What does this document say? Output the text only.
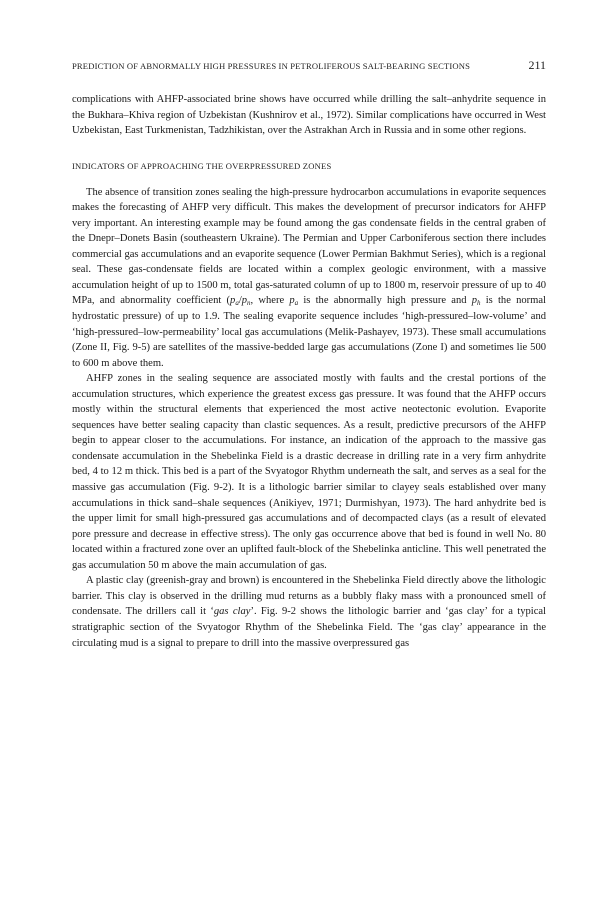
PREDICTION OF ABNORMALLY HIGH PRESSURES IN PETROLIFEROUS SALT-BEARING SECTIONS	211

complications with AHFP-associated brine shows have occurred while drilling the salt–anhydrite sequence in the Bukhara–Khiva region of Uzbekistan (Kushnirov et al., 1972). Similar complications have occurred in West Uzbekistan, East Turkmenistan, Tadzhikistan, over the Astrakhan Arch in Russia and in some other regions.

INDICATORS OF APPROACHING THE OVERPRESSURED ZONES

The absence of transition zones sealing the high-pressure hydrocarbon accumulations in evaporite sequences makes the forecasting of AHFP very difficult. This makes the development of precursor indicators for AHFP very important. An interesting example may be found among the gas condensate fields in the central graben of the Dnepr–Donets Basin (southeastern Ukraine). The Permian and Upper Carboniferous section there includes commercial gas accumulations and an evaporite sequence (Lower Permian Bakhmut Series), which is a regional seal. These gas-condensate fields are located within a complex geologic environment, with a massive accumulation height of up to 1500 m, total gas-saturated column of up to 1800 m, reservoir pressure of up to 40 MPa, and abnormality coefficient ($p_a/p_n$, where $p_a$ is the abnormally high pressure and $p_h$ is the normal hydrostatic pressure) of up to 1.9. The sealing evaporite sequence includes ‘high-pressured–low-volume’ and ‘high-pressured–low-permeability’ local gas accumulations (Melik-Pashayev, 1973). These small accumulations (Zone II, Fig. 9-5) are satellites of the massive-bedded large gas accumulations (Zone I) and sometimes lie 500 to 600 m above them.

AHFP zones in the sealing sequence are associated mostly with faults and the crestal portions of the accumulation structures, which experience the greatest excess gas pressure. It was found that the AHFP occurs mostly within the structural elements that experienced the most active neotectonic evolution. Evaporite sequences have better sealing capacity than clastic sequences. As a result, predictive precursors of the AHFP begin to appear closer to the accumulations. For instance, an indication of the approach to the massive gas condensate accumulation in the Shebelinka Field is a drastic decrease in drilling rate in a very firm anhydrite bed, 4 to 12 m thick. This bed is a part of the Svyatogor Rhythm underneath the salt, and serves as a seal for the massive gas accumulation (Fig. 9-2). It is a lithologic barrier similar to clayey seals established over many accumulations in thick sand–shale sequences (Anikiyev, 1971; Durmishyan, 1973). The hard anhydrite bed is the upper limit for small high-pressured gas accumulations and of decompacted clays (as a result of elevated pore pressure and decrease in effective stress). The only gas occurrence above that bed is found in well No. 80 located within a fractured zone over an uplifted fault-block of the Shebelinka anticline. This well penetrated the gas accumulation 50 m above the main accumulation of gas.

A plastic clay (greenish-gray and brown) is encountered in the Shebelinka Field directly above the lithologic barrier. This clay is observed in the drilling mud returns as a bubbly flaky mass with a pronounced smell of condensate. The drillers call it ‘gas clay’. Fig. 9-2 shows the lithologic barrier and ‘gas clay’ for a typical stratigraphic section of the Svyatogor Rhythm of the Shebelinka Field. The ‘gas clay’ appearance in the circulating mud is a signal to prepare to drill into the massive overpressured gas
